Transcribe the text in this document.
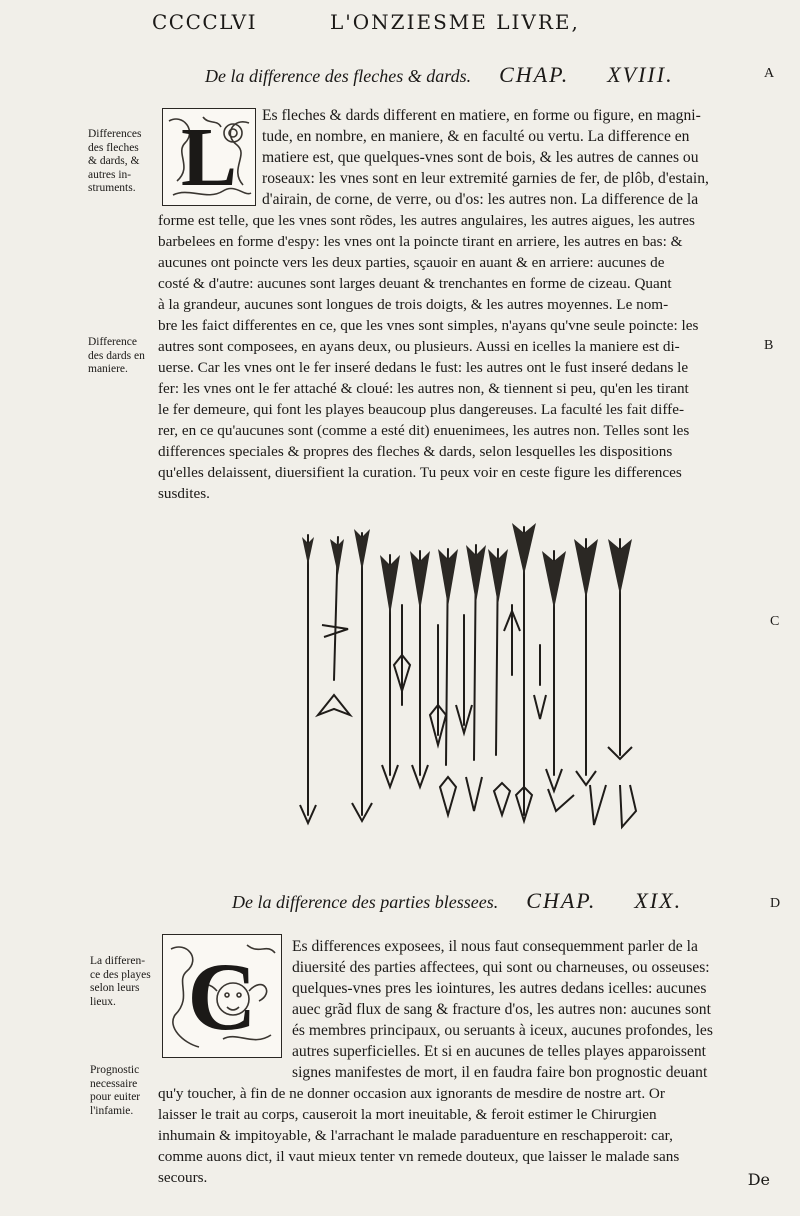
CCCCLVI	L'ONZIESME LIVRE,
De la difference des fleches & dards. CHAP. XVIII.	A
L
Differences
des fleches
& dards, &
autres in-
struments.
Es fleches & dards different en matiere, en forme ou figure, en magni-
tude, en nombre, en maniere, & en faculté ou vertu. La difference en
matiere est, que quelques-vnes sont de bois, & les autres de cannes ou
roseaux: les vnes sont en leur extremité garnies de fer, de plôb, d'estain,
d'airain, de corne, de verre, ou d'os: les autres non. La difference de la
forme est telle, que les vnes sont rõdes, les autres angulaires, les autres aigues, les autres
barbelees en forme d'espy: les vnes ont la poincte tirant en arriere, les autres en bas: &
aucunes ont poincte vers les deux parties, sçauoir en auant & en arriere: aucunes de
costé & d'autre: aucunes sont larges deuant & trenchantes en forme de cizeau. Quant
à la grandeur, aucunes sont longues de trois doigts, & les autres moyennes. Le nom-
bre les faict differentes en ce, que les vnes sont simples, n'ayans qu'vne seule poincte: les
autres sont composees, en ayans deux, ou plusieurs. Aussi en icelles la maniere est di-
uerse. Car les vnes ont le fer inseré dedans le fust: les autres ont le fust inseré dedans le
fer: les vnes ont le fer attaché & cloué: les autres non, & tiennent si peu, qu'en les tirant
le fer demeure, qui font les playes beaucoup plus dangereuses. La faculté les fait diffe-
rer, en ce qu'aucunes sont (comme a esté dit) enuenimees, les autres non. Telles sont les
differences speciales & propres des fleches & dards, selon lesquelles les dispositions
qu'elles delaissent, diuersifient la curation. Tu peux voir en ceste figure les differences
susdites.
Difference
des dards en
maniere.
B
C
De la difference des parties blessees. CHAP. XIX.	D
C
La differen-
ce des playes
selon leurs
lieux.
Prognostic
necessaire
pour euiter
l'infamie.
Es differences exposees, il nous faut consequemment parler de la
diuersité des parties affectees, qui sont ou charneuses, ou osseuses:
quelques-vnes pres les iointures, les autres dedans icelles: aucunes
auec grãd flux de sang & fracture d'os, les autres non: aucunes sont
és membres principaux, ou seruants à iceux, aucunes profondes, les
autres superficielles. Et si en aucunes de telles playes apparoissent
signes manifestes de mort, il en faudra faire bon prognostic deuant
qu'y toucher, à fin de ne donner occasion aux ignorants de mesdire de nostre art. Or
laisser le trait au corps, causeroit la mort ineuitable, & feroit estimer le Chirurgien
inhumain & impitoyable, & l'arrachant le malade paraduenture en reschapperoit: car,
comme auons dict, il vaut mieux tenter vn remede douteux, que laisser le malade sans
secours.	De
